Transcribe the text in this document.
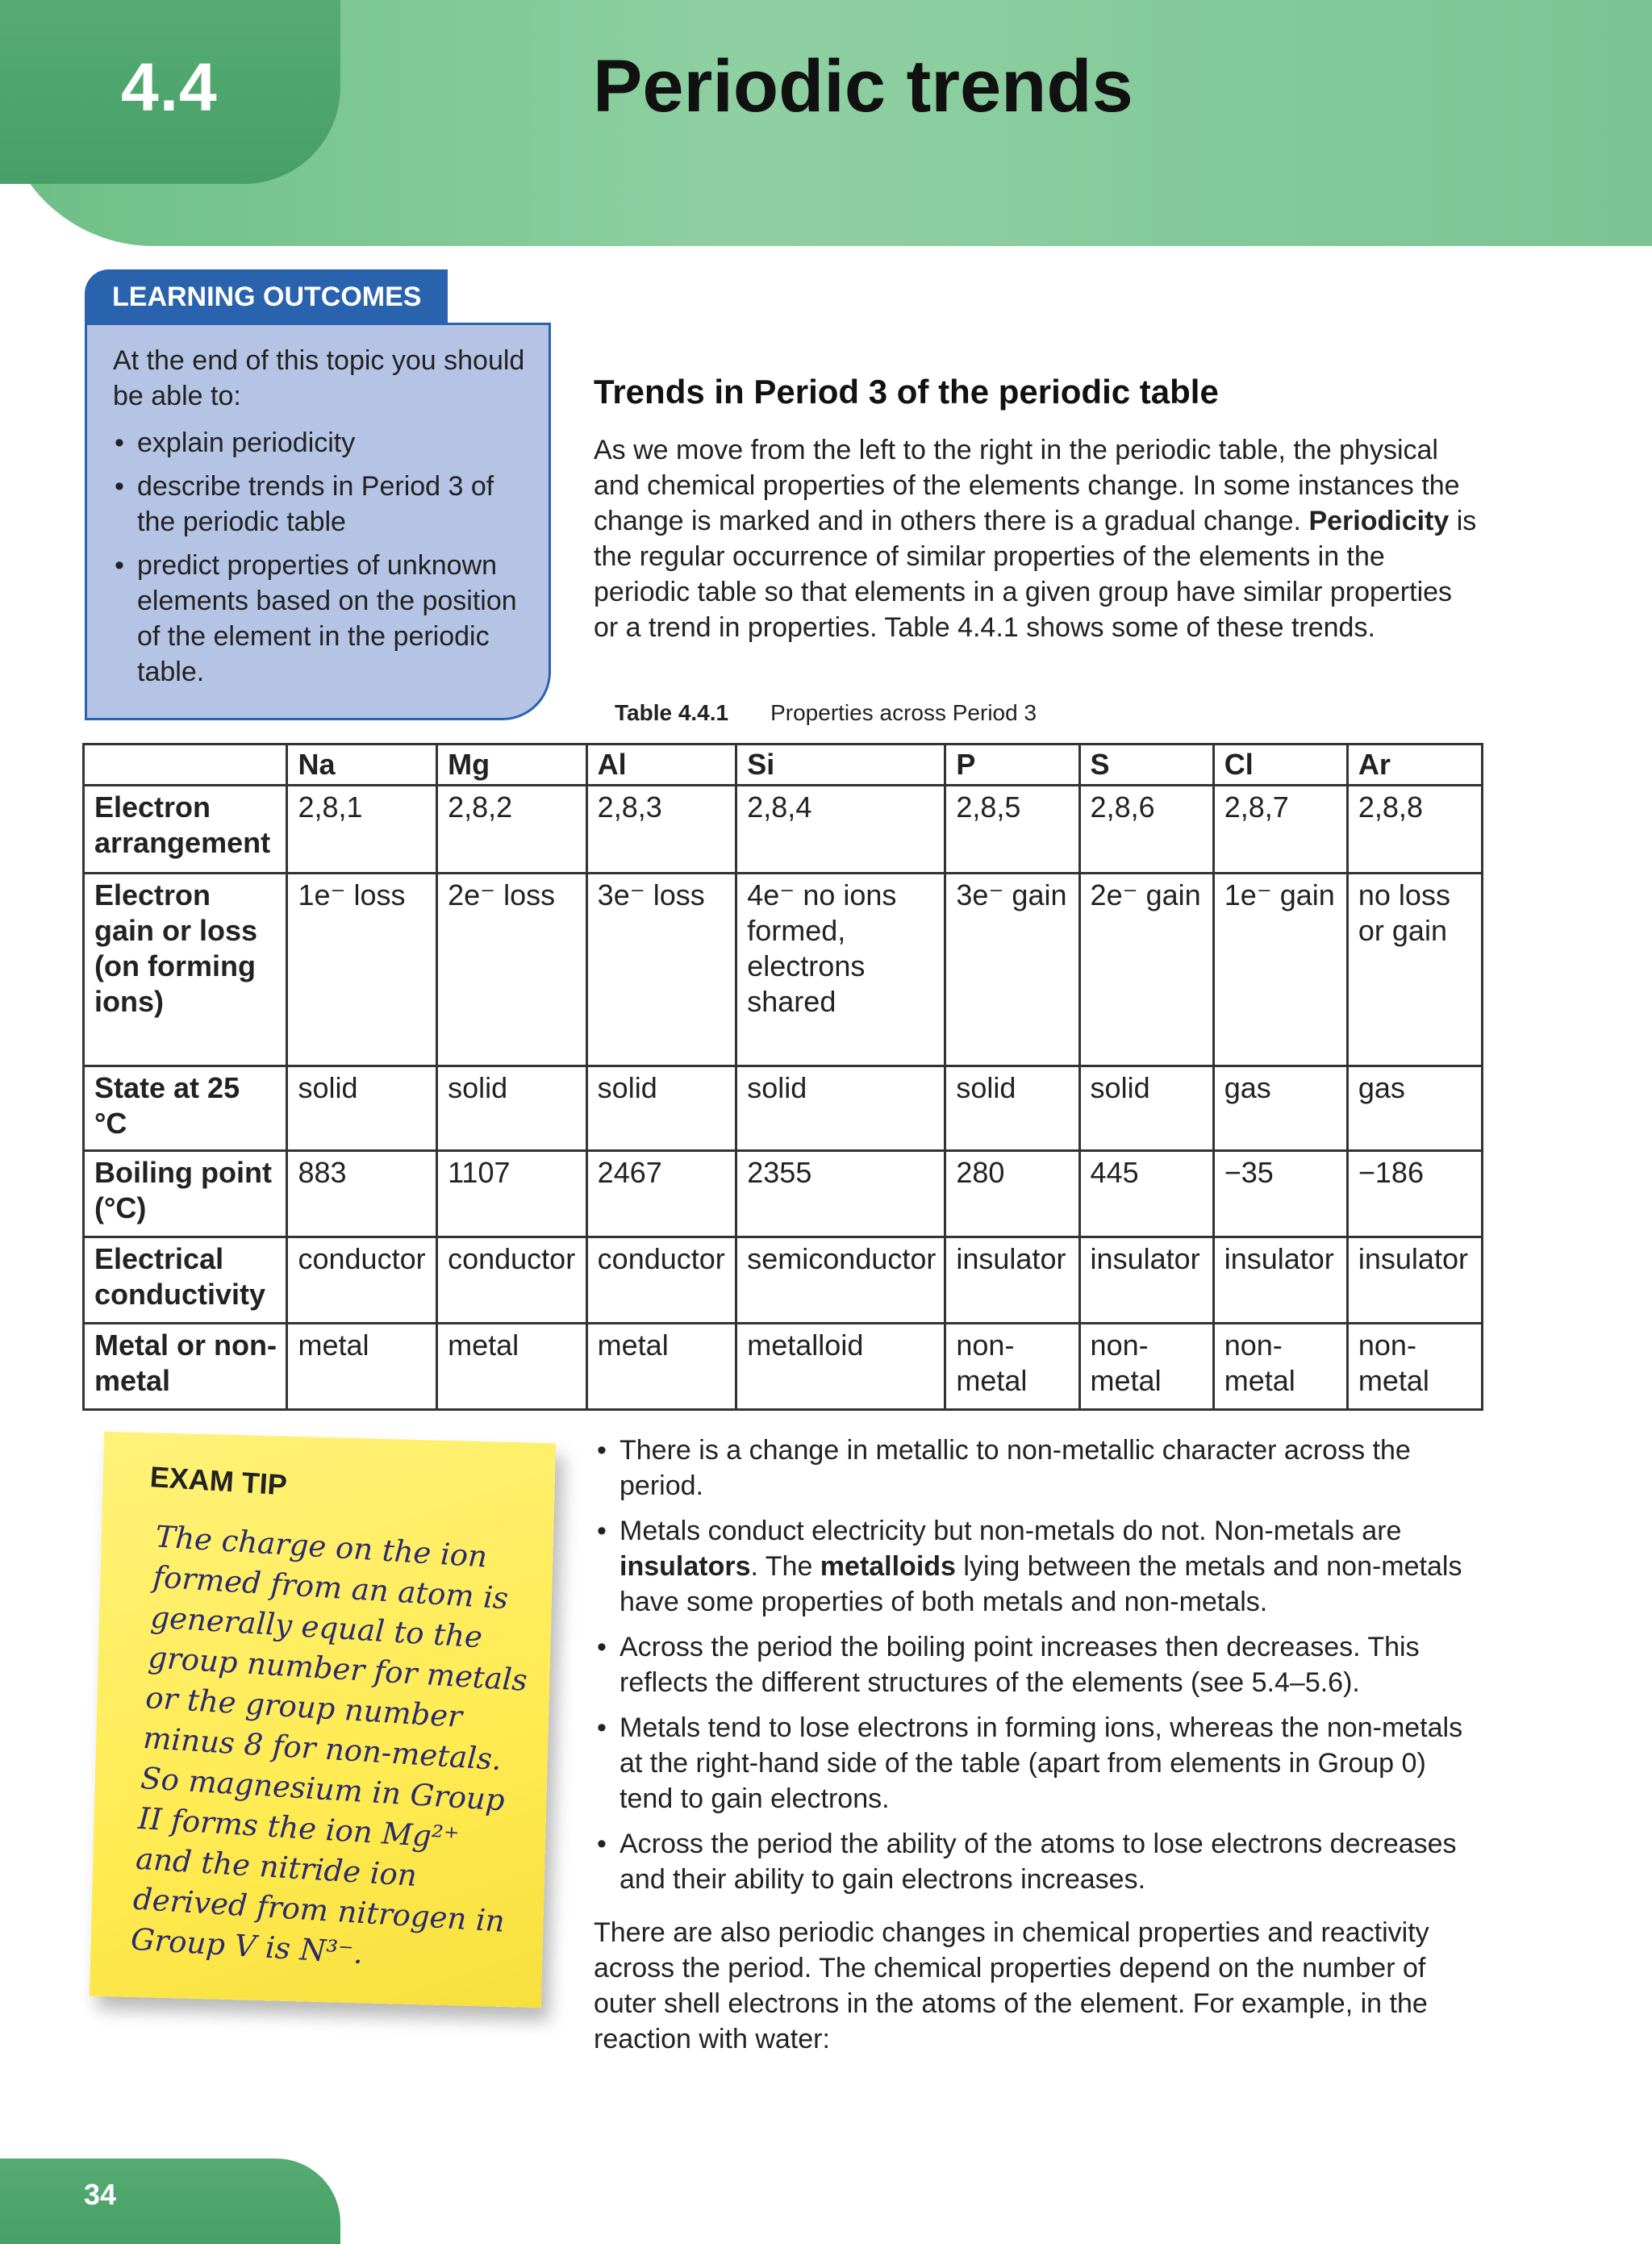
4.4	Periodic trends
LEARNING OUTCOMES

At the end of this topic you should be able to:

• explain periodicity
• describe trends in Period 3 of the periodic table
• predict properties of unknown elements based on the position of the element in the periodic table.
Trends in Period 3 of the periodic table

As we move from the left to the right in the periodic table, the physical and chemical properties of the elements change. In some instances the change is marked and in others there is a gradual change. Periodicity is the regular occurrence of similar properties of the elements in the periodic table so that elements in a given group have similar properties or a trend in properties. Table 4.4.1 shows some of these trends.

Table 4.4.1 Properties across Period 3
	Na	Mg	Al	Si	P	S	Cl	Ar
Electron arrangement	2,8,1	2,8,2	2,8,3	2,8,4	2,8,5	2,8,6	2,8,7	2,8,8
Electron gain or loss (on forming ions)	1e⁻ loss	2e⁻ loss	3e⁻ loss	4e⁻ no ions formed, electrons shared	3e⁻ gain	2e⁻ gain	1e⁻ gain	no loss or gain
State at 25 °C	solid	solid	solid	solid	solid	solid	gas	gas
Boiling point (°C)	883	1107	2467	2355	280	445	−35	−186
Electrical conductivity	conductor	conductor	conductor	semiconductor	insulator	insulator	insulator	insulator
Metal or non-metal	metal	metal	metal	metalloid	non-metal	non-metal	non-metal	non-metal
EXAM TIP

The charge on the ion formed from an atom is generally equal to the group number for metals or the group number minus 8 for non-metals. So magnesium in Group II forms the ion Mg²⁺ and the nitride ion derived from nitrogen in Group V is N³⁻.

• There is a change in metallic to non-metallic character across the period.
• Metals conduct electricity but non-metals do not. Non-metals are insulators. The metalloids lying between the metals and non-metals have some properties of both metals and non-metals.
• Across the period the boiling point increases then decreases. This reflects the different structures of the elements (see 5.4–5.6).
• Metals tend to lose electrons in forming ions, whereas the non-metals at the right-hand side of the table (apart from elements in Group 0) tend to gain electrons.
• Across the period the ability of the atoms to lose electrons decreases and their ability to gain electrons increases.

There are also periodic changes in chemical properties and reactivity across the period. The chemical properties depend on the number of outer shell electrons in the atoms of the element. For example, in the reaction with water:

34
